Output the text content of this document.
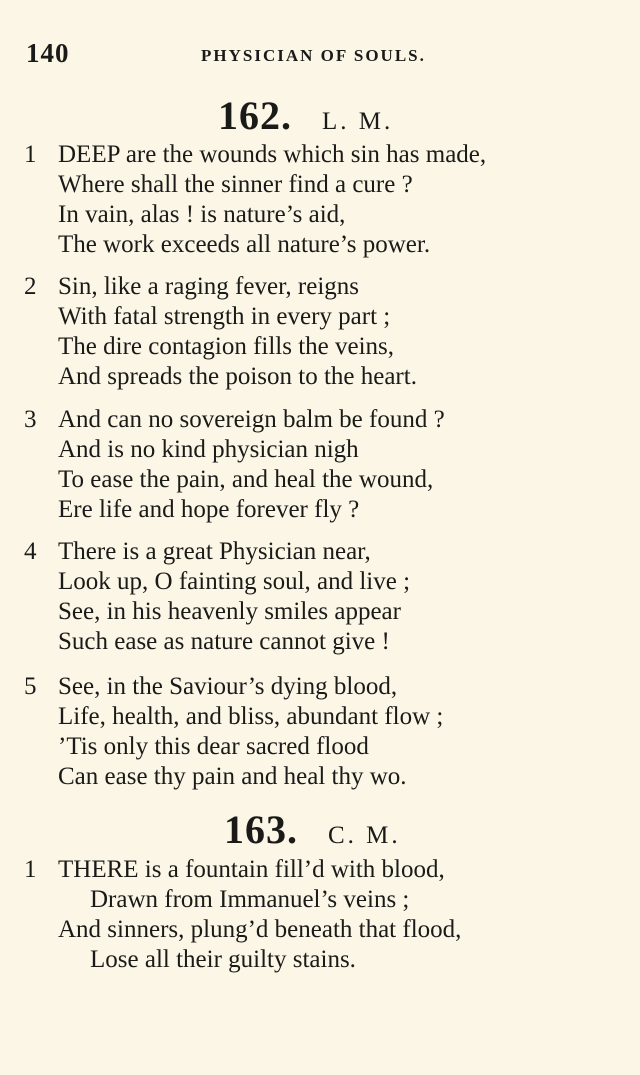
140	PHYSICIAN OF SOULS.
162. L. M.
1 DEEP are the wounds which sin has made,
Where shall the sinner find a cure ?
In vain, alas ! is nature’s aid,
The work exceeds all nature’s power.
2 Sin, like a raging fever, reigns
With fatal strength in every part ;
The dire contagion fills the veins,
And spreads the poison to the heart.
3 And can no sovereign balm be found ?
And is no kind physician nigh
To ease the pain, and heal the wound,
Ere life and hope forever fly ?
4 There is a great Physician near,
Look up, O fainting soul, and live ;
See, in his heavenly smiles appear
Such ease as nature cannot give !
5 See, in the Saviour’s dying blood,
Life, health, and bliss, abundant flow ;
’Tis only this dear sacred flood
Can ease thy pain and heal thy wo.
163. C. M.
1 THERE is a fountain fill’d with blood,
Drawn from Immanuel’s veins ;
And sinners, plung’d beneath that flood,
Lose all their guilty stains.
